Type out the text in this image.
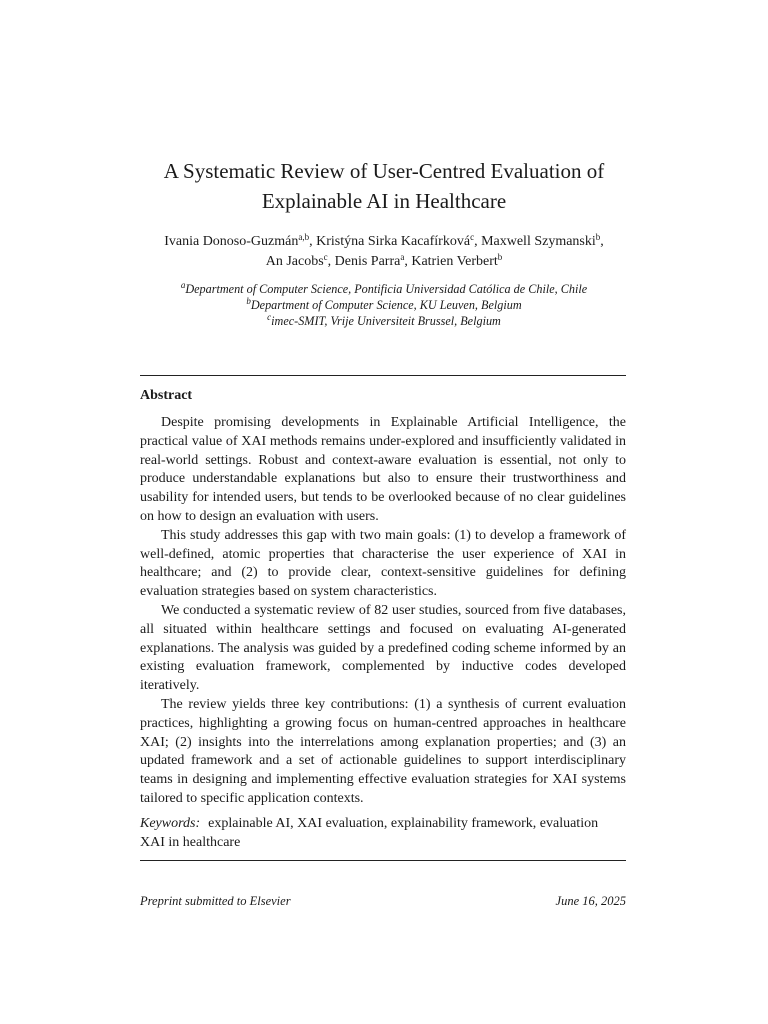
A Systematic Review of User-Centred Evaluation of
Explainable AI in Healthcare
Ivania Donoso-Guzmán$^{a,b}$, Kristýna Sirka Kacafírková$^c$, Maxwell Szymanski$^b$,
An Jacobs$^c$, Denis Parra$^a$, Katrien Verbert$^b$
$^a$Department of Computer Science, Pontificia Universidad Católica de Chile, Chile
$^b$Department of Computer Science, KU Leuven, Belgium
$^c$imec-SMIT, Vrije Universiteit Brussel, Belgium
Abstract

Despite promising developments in Explainable Artificial Intelligence, the practical value of XAI methods remains under-explored and insufficiently validated in real-world settings. Robust and context-aware evaluation is essential, not only to produce understandable explanations but also to ensure their trustworthiness and usability for intended users, but tends to be overlooked because of no clear guidelines on how to design an evaluation with users.

This study addresses this gap with two main goals: (1) to develop a framework of well-defined, atomic properties that characterise the user experience of XAI in healthcare; and (2) to provide clear, context-sensitive guidelines for defining evaluation strategies based on system characteristics.

We conducted a systematic review of 82 user studies, sourced from five databases, all situated within healthcare settings and focused on evaluating AI-generated explanations. The analysis was guided by a predefined coding scheme informed by an existing evaluation framework, complemented by inductive codes developed iteratively.

The review yields three key contributions: (1) a synthesis of current evaluation practices, highlighting a growing focus on human-centred approaches in healthcare XAI; (2) insights into the interrelations among explanation properties; and (3) an updated framework and a set of actionable guidelines to support interdisciplinary teams in designing and implementing effective evaluation strategies for XAI systems tailored to specific application contexts.

Keywords: explainable AI, XAI evaluation, explainability framework, evaluation XAI in healthcare
Preprint submitted to Elsevier	June 16, 2025
